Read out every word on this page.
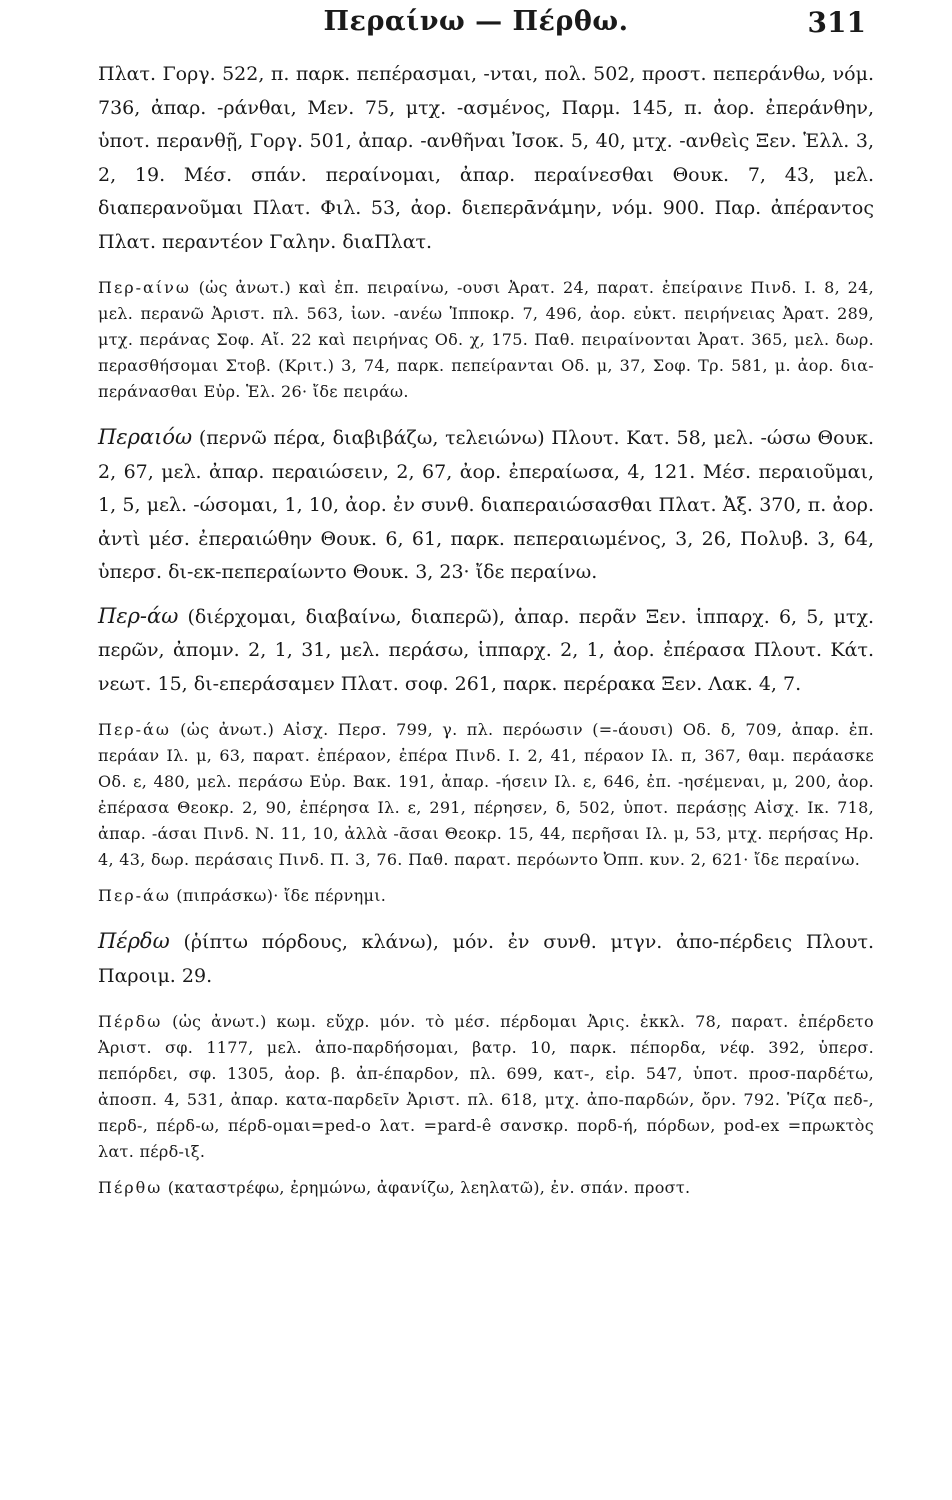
Περαίνω — Πέρθω.	311

Πλατ. Γοργ. 522, π. παρκ. πεπέρασμαι, -νται, πολ. 502, προστ. πεπεράνθω, νόμ. 736, ἀπαρ. -ράνθαι, Μεν. 75, μτχ. -ασμένος, Παρμ. 145, π. ἀορ. ἐπεράνθην, ὑποτ. περανθῇ, Γοργ. 501, ἀπαρ. -ανθῆναι Ἰσοκ. 5, 40, μτχ. -ανθεὶς Ξεν. Ἑλλ. 3, 2, 19. Μέσ. σπάν. περαίνομαι, ἀπαρ. περαίνεσθαι Θουκ. 7, 43, μελ. διαπερανοῦμαι Πλατ. Φιλ. 53, ἀορ. διεπερᾱνάμην, νόμ. 900. Παρ. ἀπέραντος Πλατ. περαντέον Γαλην. διαΠλατ.

Περ-αίνω (ὡς ἀνωτ.) καὶ ἐπ. πειραίνω, -ουσι Ἀρατ. 24, παρατ. ἐπείραινε Πινδ. Ι. 8, 24, μελ. περανῶ Ἀριστ. πλ. 563, ἰων. -ανέω Ἱπποκρ. 7, 496, ἀορ. εὐκτ. πειρήνειας Ἀρατ. 289, μτχ. περάνας Σοφ. Αἴ. 22 καὶ πειρήνας Οδ. χ, 175. Παθ. πειραίνονται Ἀρατ. 365, μελ. δωρ. περασθήσομαι Στοβ. (Κριτ.) 3, 74, παρκ. πεπείρανται Οδ. μ, 37, Σοφ. Τρ. 581, μ. ἀορ. δια-περάνασθαι Εὐρ. Ἑλ. 26· ἴδε πειράω.

Περαιόω (περνῶ πέρα, διαβιβάζω, τελειώνω) Πλουτ. Κατ. 58, μελ. -ώσω Θουκ. 2, 67, μελ. ἀπαρ. περαιώσειν, 2, 67, ἀορ. ἐπεραίωσα, 4, 121. Μέσ. περαιοῦμαι, 1, 5, μελ. -ώσομαι, 1, 10, ἀορ. ἐν συνθ. διαπεραιώσασθαι Πλατ. Ἀξ. 370, π. ἀορ. ἀντὶ μέσ. ἐπεραιώθην Θουκ. 6, 61, παρκ. πεπεραιωμένος, 3, 26, Πολυβ. 3, 64, ὑπερσ. δι-εκ-πεπεραίωντο Θουκ. 3, 23· ἴδε περαίνω.

Περ-άω (διέρχομαι, διαβαίνω, διαπερῶ), ἀπαρ. περᾶν Ξεν. ἱππαρχ. 6, 5, μτχ. περῶν, ἀπομν. 2, 1, 31, μελ. περάσω, ἱππαρχ. 2, 1, ἀορ. ἐπέρασα Πλουτ. Κάτ. νεωτ. 15, δι-επεράσαμεν Πλατ. σοφ. 261, παρκ. περέρακα Ξεν. Λακ. 4, 7.

Περ-άω (ὡς ἀνωτ.) Αἰσχ. Περσ. 799, γ. πλ. περόωσιν (=-άουσι) Οδ. δ, 709, ἀπαρ. ἐπ. περάαν Ιλ. μ, 63, παρατ. ἐπέραον, ἐπέρα Πινδ. Ι. 2, 41, πέραον Ιλ. π, 367, θαμ. περάασκε Οδ. ε, 480, μελ. περάσω Εὐρ. Βακ. 191, ἀπαρ. -ήσειν Ιλ. ε, 646, ἐπ. -ησέμεναι, μ, 200, ἀορ. ἐπέρασα Θεοκρ. 2, 90, ἐπέρησα Ιλ. ε, 291, πέρησεν, δ, 502, ὑποτ. περάσῃς Αἰσχ. Ικ. 718, ἀπαρ. -άσαι Πινδ. Ν. 11, 10, ἀλλὰ -ᾶσαι Θεοκρ. 15, 44, περῆσαι Ιλ. μ, 53, μτχ. περήσας Ηρ. 4, 43, δωρ. περάσαις Πινδ. Π. 3, 76. Παθ. παρατ. περόωντο Ὀππ. κυν. 2, 621· ἴδε περαίνω.

Περ-άω (πιπράσκω)· ἴδε πέρνημι.

Πέρδω (ῥίπτω πόρδους, κλάνω), μόν. ἐν συνθ. μτγν. ἀπο-πέρδεις Πλουτ. Παροιμ. 29.

Πέρδω (ὡς ἀνωτ.) κωμ. εὔχρ. μόν. τὸ μέσ. πέρδομαι Ἀρις. ἐκκλ. 78, παρατ. ἐπέρδετο Ἀριστ. σφ. 1177, μελ. ἀπο-παρδήσομαι, βατρ. 10, παρκ. πέπορδα, νέφ. 392, ὑπερσ. πεπόρδει, σφ. 1305, ἀορ. β. ἀπ-έπαρδον, πλ. 699, κατ-, εἰρ. 547, ὑποτ. προσ-παρδέτω, ἀποσπ. 4, 531, ἀπαρ. κατα-παρδεῖν Ἀριστ. πλ. 618, μτχ. ἀπο-παρδών, ὄρν. 792. Ῥίζα πεδ-, περδ-, πέρδ-ω, πέρδ-ομαι=ped-o λατ. =pard-ê σανσκρ. πορδ-ή, πόρδων, pod-ex =πρωκτὸς λατ. πέρδ-ιξ.

Πέρθω (καταστρέφω, ἐρημώνω, ἀφανίζω, λεηλατῶ), ἐν. σπάν. προστ.
